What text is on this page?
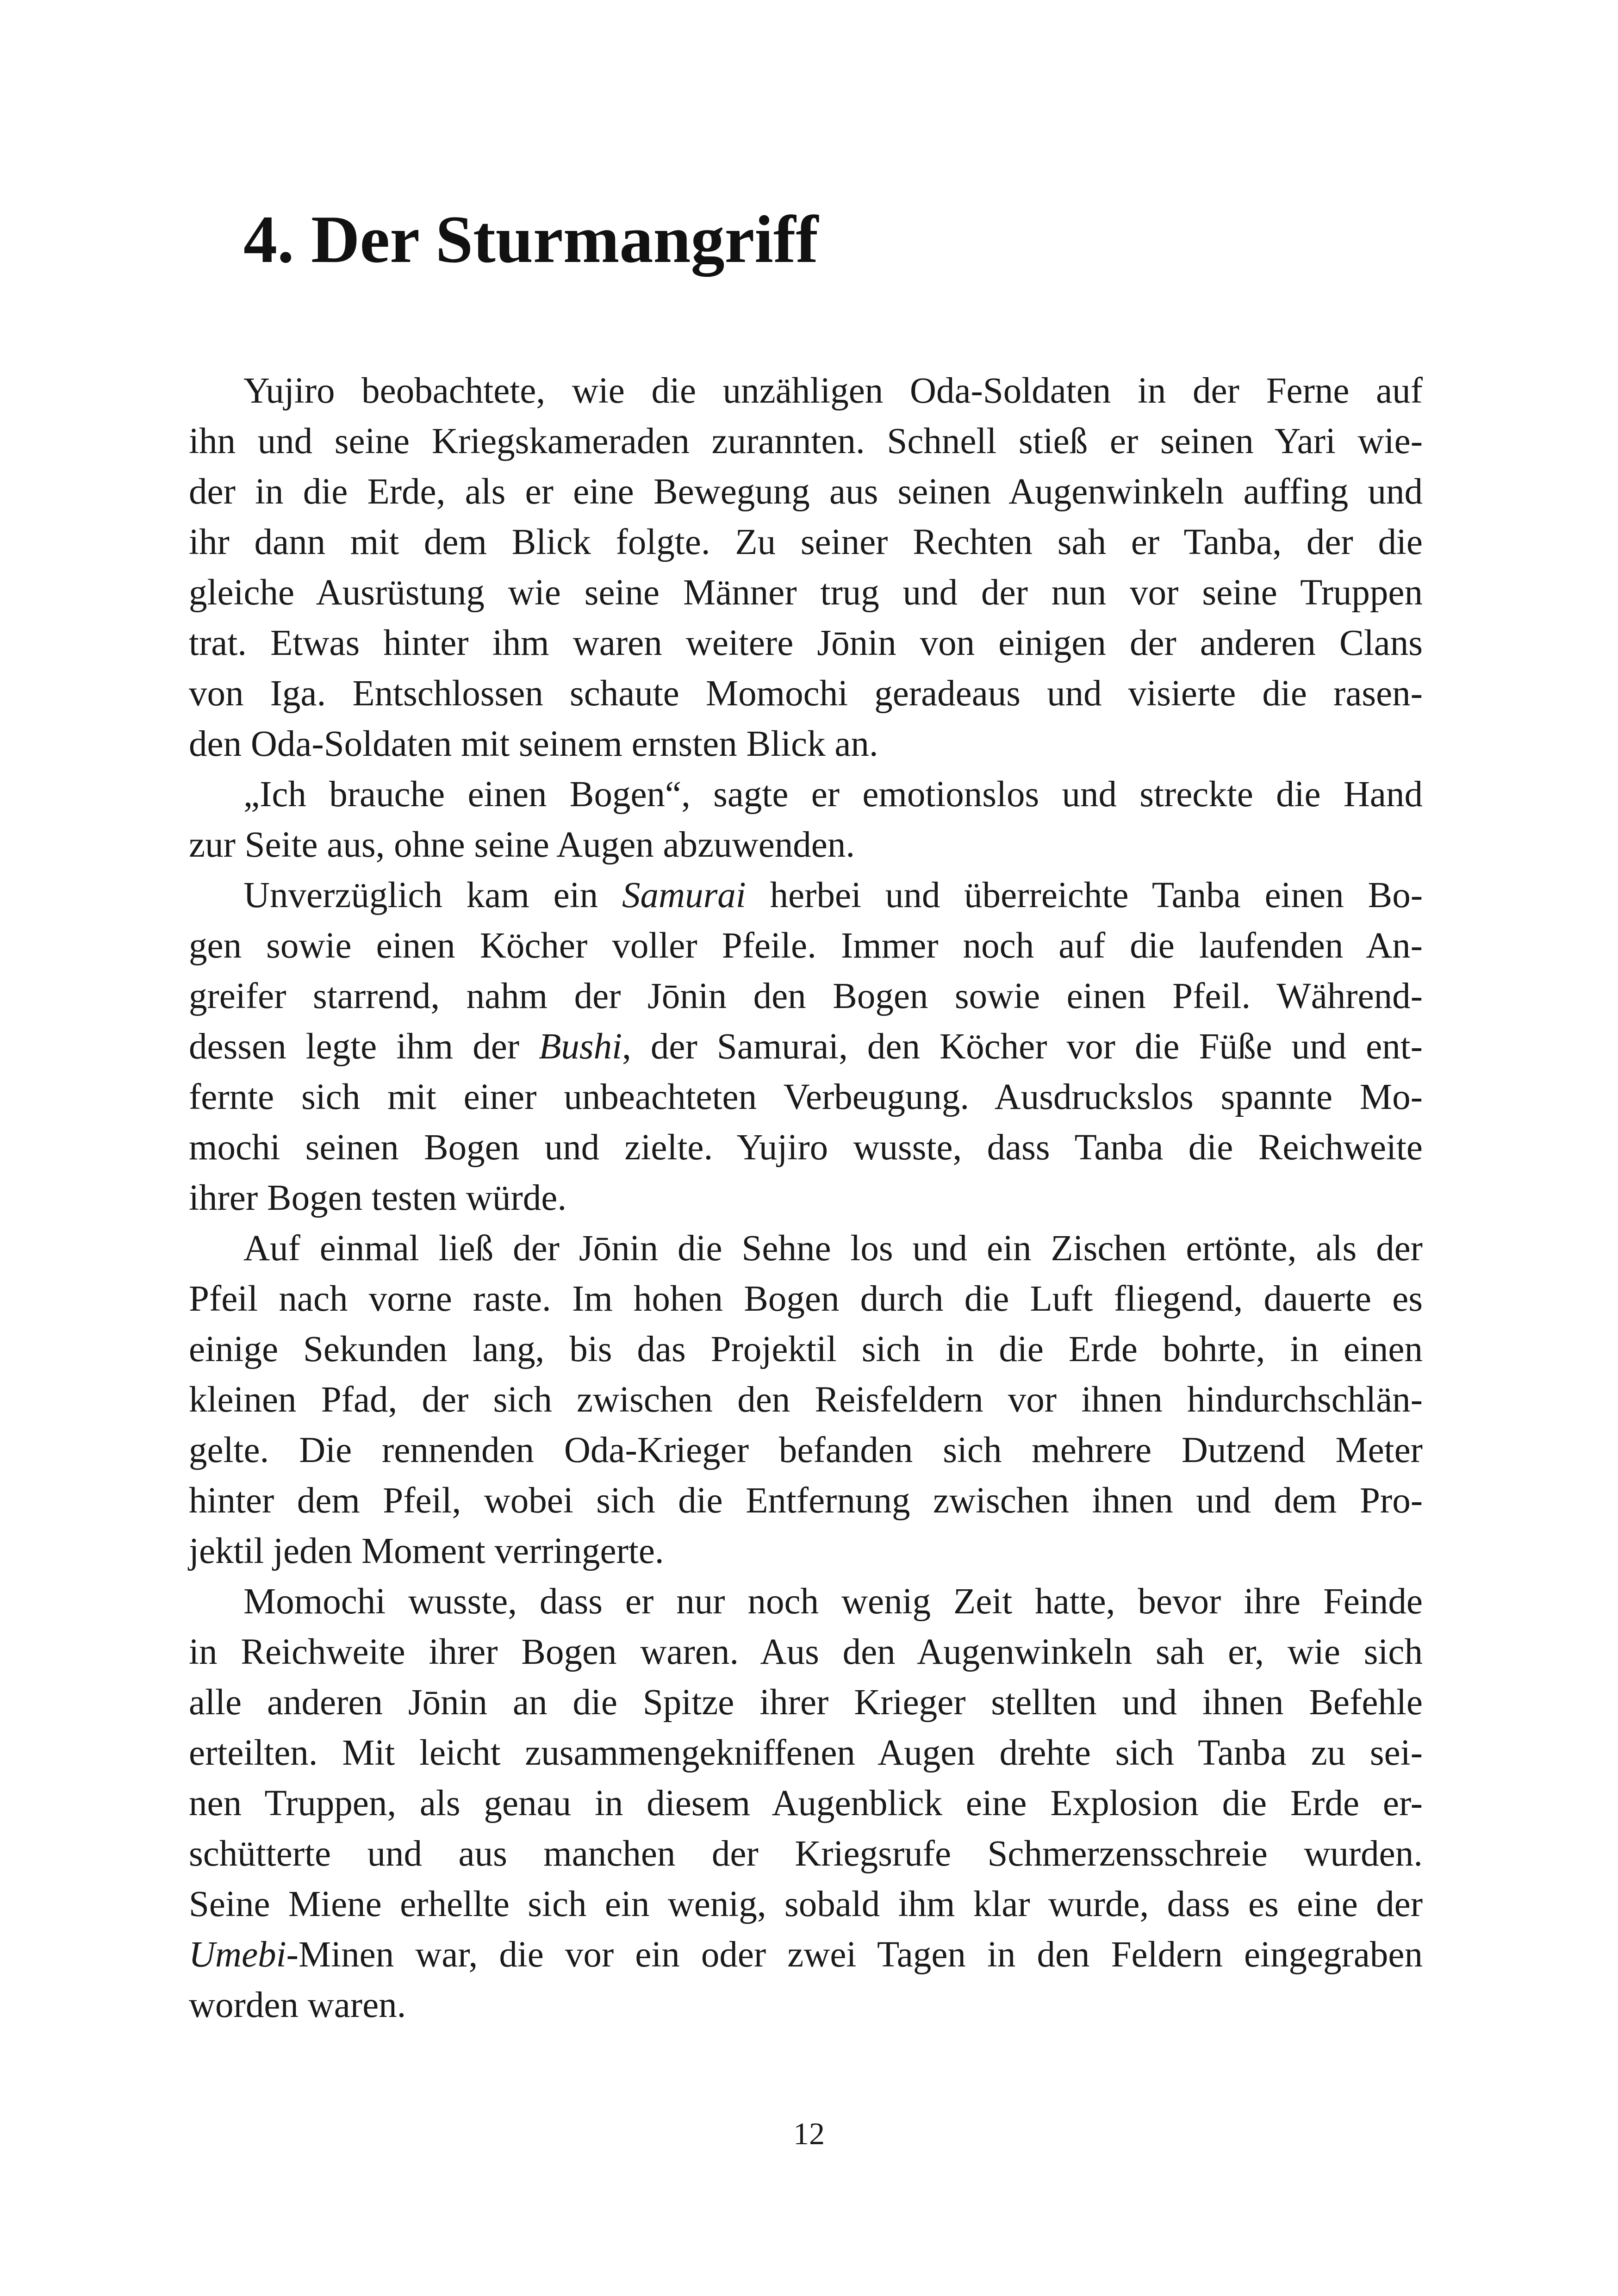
4. Der Sturmangriff
Yujiro beobachtete, wie die unzähligen Oda-Soldaten in der Ferne auf
ihn und seine Kriegskameraden zurannten. Schnell stieß er seinen Yari wie-
der in die Erde, als er eine Bewegung aus seinen Augenwinkeln auffing und
ihr dann mit dem Blick folgte. Zu seiner Rechten sah er Tanba, der die
gleiche Ausrüstung wie seine Männer trug und der nun vor seine Truppen
trat. Etwas hinter ihm waren weitere Jōnin von einigen der anderen Clans
von Iga. Entschlossen schaute Momochi geradeaus und visierte die rasen-
den Oda-Soldaten mit seinem ernsten Blick an.
„Ich brauche einen Bogen“, sagte er emotionslos und streckte die Hand
zur Seite aus, ohne seine Augen abzuwenden.
Unverzüglich kam ein Samurai herbei und überreichte Tanba einen Bo-
gen sowie einen Köcher voller Pfeile. Immer noch auf die laufenden An-
greifer starrend, nahm der Jōnin den Bogen sowie einen Pfeil. Während-
dessen legte ihm der Bushi, der Samurai, den Köcher vor die Füße und ent-
fernte sich mit einer unbeachteten Verbeugung. Ausdruckslos spannte Mo-
mochi seinen Bogen und zielte. Yujiro wusste, dass Tanba die Reichweite
ihrer Bogen testen würde.
Auf einmal ließ der Jōnin die Sehne los und ein Zischen ertönte, als der
Pfeil nach vorne raste. Im hohen Bogen durch die Luft fliegend, dauerte es
einige Sekunden lang, bis das Projektil sich in die Erde bohrte, in einen
kleinen Pfad, der sich zwischen den Reisfeldern vor ihnen hindurchschlän-
gelte. Die rennenden Oda-Krieger befanden sich mehrere Dutzend Meter
hinter dem Pfeil, wobei sich die Entfernung zwischen ihnen und dem Pro-
jektil jeden Moment verringerte.
Momochi wusste, dass er nur noch wenig Zeit hatte, bevor ihre Feinde
in Reichweite ihrer Bogen waren. Aus den Augenwinkeln sah er, wie sich
alle anderen Jōnin an die Spitze ihrer Krieger stellten und ihnen Befehle
erteilten. Mit leicht zusammengekniffenen Augen drehte sich Tanba zu sei-
nen Truppen, als genau in diesem Augenblick eine Explosion die Erde er-
schütterte und aus manchen der Kriegsrufe Schmerzensschreie wurden.
Seine Miene erhellte sich ein wenig, sobald ihm klar wurde, dass es eine der
Umebi-Minen war, die vor ein oder zwei Tagen in den Feldern eingegraben
worden waren.
12
